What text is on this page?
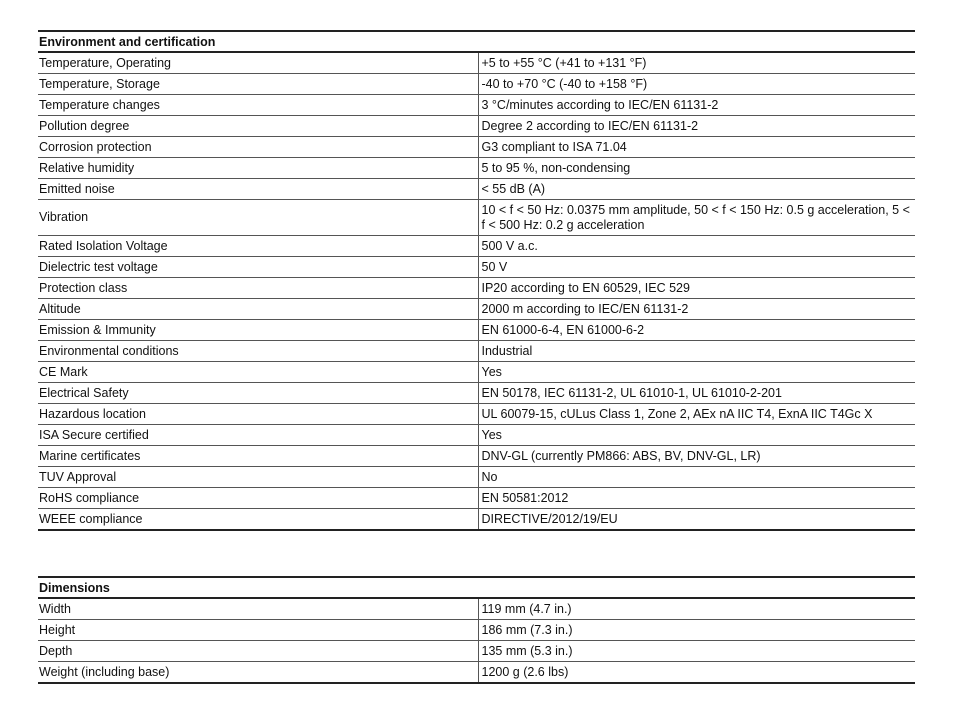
Environment and certification	
Temperature, Operating	+5 to +55 °C (+41 to +131 °F)
Temperature, Storage	-40 to +70 °C (-40 to +158 °F)
Temperature changes	3 °C/minutes according to IEC/EN 61131-2
Pollution degree	Degree 2 according to IEC/EN 61131-2
Corrosion protection	G3 compliant to ISA 71.04
Relative humidity	5 to 95 %, non-condensing
Emitted noise	< 55 dB (A)
Vibration	10 < f < 50 Hz: 0.0375 mm amplitude, 50 < f < 150 Hz: 0.5 g acceleration, 5 < f < 500 Hz: 0.2 g acceleration
Rated Isolation Voltage	500 V a.c.
Dielectric test voltage	50 V
Protection class	IP20 according to EN 60529, IEC 529
Altitude	2000 m according to IEC/EN 61131-2
Emission & Immunity	EN 61000-6-4, EN 61000-6-2
Environmental conditions	Industrial
CE Mark	Yes
Electrical Safety	EN 50178, IEC 61131-2, UL 61010-1, UL 61010-2-201
Hazardous location	UL 60079-15, cULus Class 1, Zone 2, AEx nA IIC T4, ExnA IIC T4Gc X
ISA Secure certified	Yes
Marine certificates	DNV-GL (currently PM866: ABS, BV, DNV-GL, LR)
TUV Approval	No
RoHS compliance	EN 50581:2012
WEEE compliance	DIRECTIVE/2012/19/EU
Dimensions	
Width	119 mm (4.7 in.)
Height	186 mm (7.3 in.)
Depth	135 mm (5.3 in.)
Weight (including base)	1200 g (2.6 lbs)
